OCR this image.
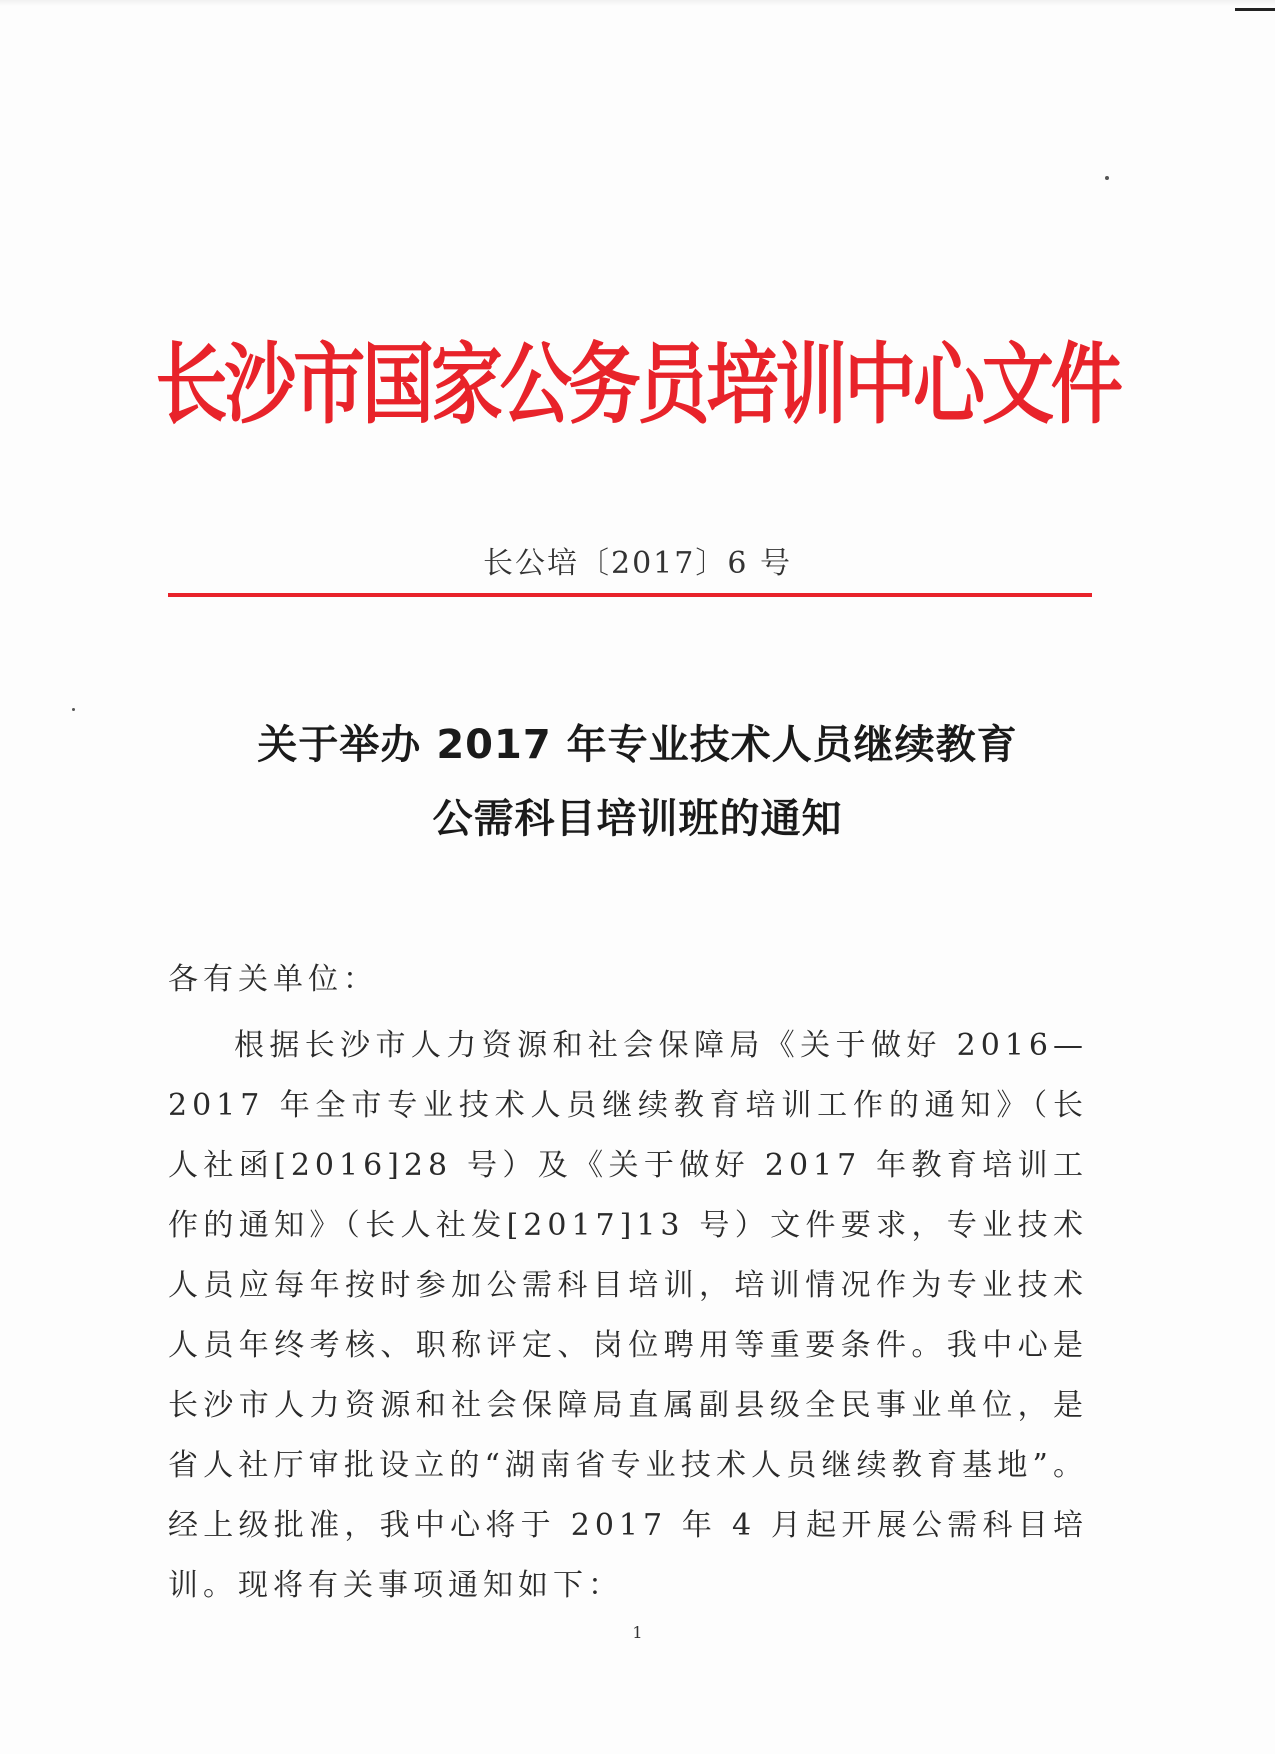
长沙市国家公务员培训中心文件
长公培〔2017〕6 号
关于举办 2017 年专业技术人员继续教育
公需科目培训班的通知

各有关单位：

根据长沙市人力资源和社会保障局《关于做好 2016—2017 年全市专业技术人员继续教育培训工作的通知》（长人社函[2016]28 号）及《关于做好 2017 年教育培训工作的通知》（长人社发[2017]13 号）文件要求，专业技术人员应每年按时参加公需科目培训，培训情况作为专业技术人员年终考核、职称评定、岗位聘用等重要条件。我中心是长沙市人力资源和社会保障局直属副县级全民事业单位，是省人社厅审批设立的“湖南省专业技术人员继续教育基地”。经上级批准，我中心将于 2017 年 4 月起开展公需科目培训。现将有关事项通知如下：

1
